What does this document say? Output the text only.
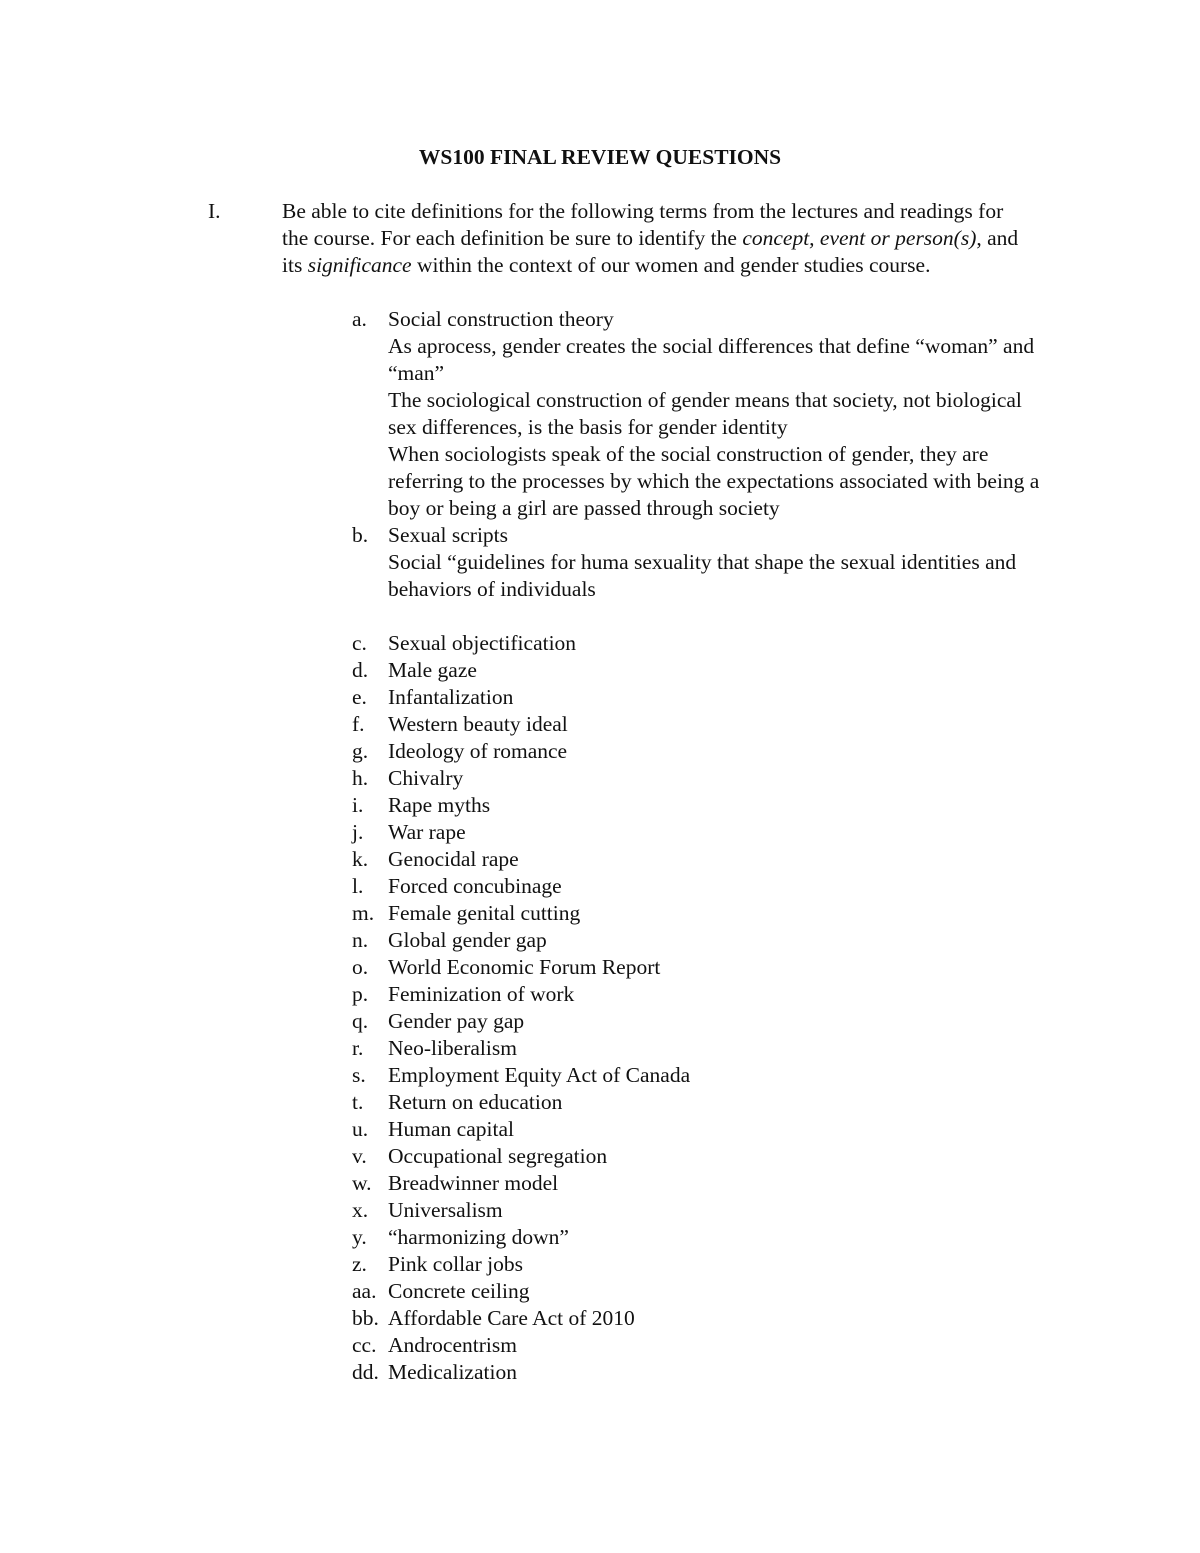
WS100 FINAL REVIEW QUESTIONS
I.	Be able to cite definitions for the following terms from the lectures and readings for the course. For each definition be sure to identify the concept, event or person(s), and its significance within the context of our women and gender studies course.

a. Social construction theory
As aprocess, gender creates the social differences that define “woman” and “man”
The sociological construction of gender means that society, not biological sex differences, is the basis for gender identity
When sociologists speak of the social construction of gender, they are referring to the processes by which the expectations associated with being a boy or being a girl are passed through society
b. Sexual scripts
Social “guidelines for huma sexuality that shape the sexual identities and behaviors of individuals
c. Sexual objectification
d. Male gaze
e. Infantalization
f. Western beauty ideal
g. Ideology of romance
h. Chivalry
i. Rape myths
j. War rape
k. Genocidal rape
l. Forced concubinage
m. Female genital cutting
n. Global gender gap
o. World Economic Forum Report
p. Feminization of work
q. Gender pay gap
r. Neo-liberalism
s. Employment Equity Act of Canada
t. Return on education
u. Human capital
v. Occupational segregation
w. Breadwinner model
x. Universalism
y. “harmonizing down”
z. Pink collar jobs
aa. Concrete ceiling
bb. Affordable Care Act of 2010
cc. Androcentrism
dd. Medicalization
